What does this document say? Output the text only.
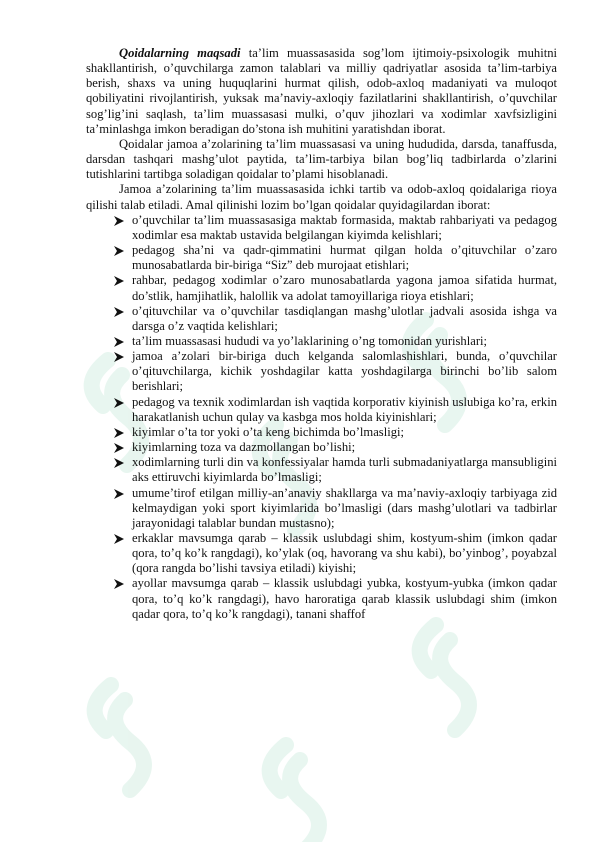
Qoidalarning maqsadi ta’lim muassasasida sog’lom ijtimoiy-psixologik muhitni shakllantirish, o’quvchilarga zamon talablari va milliy qadriyatlar asosida ta’lim-tarbiya berish, shaxs va uning huquqlarini hurmat qilish, odob-axloq madaniyati va muloqot qobiliyatini rivojlantirish, yuksak ma’naviy-axloqiy fazilatlarini shakllantirish, o’quvchilar sog’lig’ini saqlash, ta’lim muassasasi mulki, o’quv jihozlari va xodimlar xavfsizligini ta’minlashga imkon beradigan do’stona ish muhitini yaratishdan iborat.

Qoidalar jamoa a’zolarining ta’lim muassasasi va uning hududida, darsda, tanaffusda, darsdan tashqari mashg’ulot paytida, ta’lim-tarbiya bilan bog’liq tadbirlarda o’zlarini tutishlarini tartibga soladigan qoidalar to’plami hisoblanadi.

Jamoa a’zolarining ta’lim muassasasida ichki tartib va odob-axloq qoidalariga rioya qilishi talab etiladi. Amal qilinishi lozim bo’lgan qoidalar quyidagilardan iborat:

o’quvchilar ta’lim muassasasiga maktab formasida, maktab rahbariyati va pedagog xodimlar esa maktab ustavida belgilangan kiyimda kelishlari;
pedagog sha’ni va qadr-qimmatini hurmat qilgan holda o’qituvchilar o’zaro munosabatlarda bir-biriga “Siz” deb murojaat etishlari;
rahbar, pedagog xodimlar o’zaro munosabatlarda yagona jamoa sifatida hurmat, do’stlik, hamjihatlik, halollik va adolat tamoyillariga rioya etishlari;
o’qituvchilar va o’quvchilar tasdiqlangan mashg’ulotlar jadvali asosida ishga va darsga o’z vaqtida kelishlari;
ta’lim muassasasi hududi va yo’laklarining o’ng tomonidan yurishlari;
jamoa a’zolari bir-biriga duch kelganda salomlashishlari, bunda, o’quvchilar o’qituvchilarga, kichik yoshdagilar katta yoshdagilarga birinchi bo’lib salom berishlari;
pedagog va texnik xodimlardan ish vaqtida korporativ kiyinish uslubiga ko’ra, erkin harakatlanish uchun qulay va kasbga mos holda kiyinishlari;
kiyimlar o’ta tor yoki o’ta keng bichimda bo’lmasligi;
kiyimlarning toza va dazmollangan bo’lishi;
xodimlarning turli din va konfessiyalar hamda turli submadaniyatlarga mansubligini aks ettiruvchi kiyimlarda bo’lmasligi;
umume’tirof etilgan milliy-an’anaviy shakllarga va ma’naviy-axloqiy tarbiyaga zid kelmaydigan yoki sport kiyimlarida bo’lmasligi (dars mashg’ulotlari va tadbirlar jarayonidagi talablar bundan mustasno);
erkaklar mavsumga qarab – klassik uslubdagi shim, kostyum-shim (imkon qadar qora, to’q ko’k rangdagi), ko’ylak (oq, havorang va shu kabi), bo’yinbog’, poyabzal (qora rangda bo’lishi tavsiya etiladi) kiyishi;
ayollar mavsumga qarab – klassik uslubdagi yubka, kostyum-yubka (imkon qadar qora, to’q ko’k rangdagi), havo haroratiga qarab klassik uslubdagi shim (imkon qadar qora, to’q ko’k rangdagi), tanani shaffof
